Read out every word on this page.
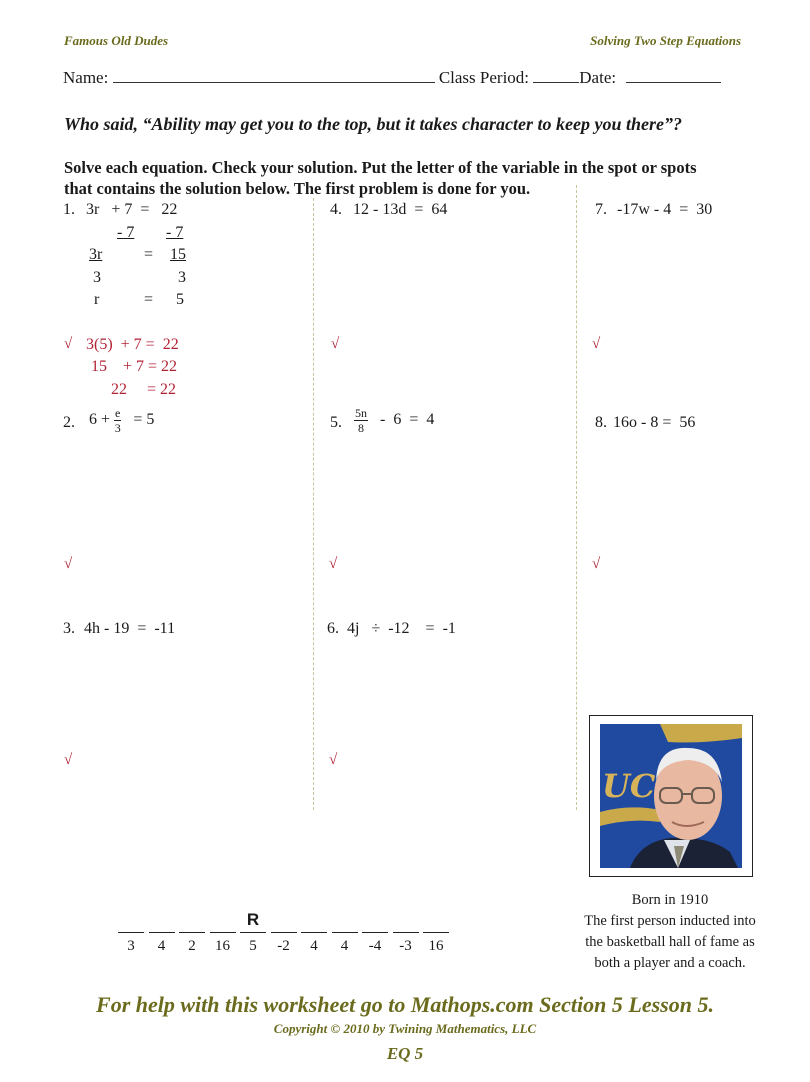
Famous Old Dudes	Solving Two Step Equations
Name:	Class Period:	Date:
Who said, “Ability may get you to the top, but it takes character to keep you there”?
Solve each equation. Check your solution. Put the letter of the variable in the spot or spots
that contains the solution below. The first problem is done for you.
1. 3r   + 7  =   22
- 7 - 7
3r	= 15
3	3
r	= 5
√ 3(5)  + 7 =  22
15    + 7 = 22
22     = 22
4. 12 - 13d  =  64
√
7. -17w - 4  =  30
√
2. $6 + \frac{e}{3} = 5$
√
5. $\frac{5n}{8} - 6 = 4$
√
8. 16o - 8 =  56
√
3. 4h - 19  =  -11
√
6. 4j   ÷  -12    =  -1
√
UC
Born in 1910
The first person inducted into
the basketball hall of fame as
both a player and a coach.
3	4	2	16
R
5	-2	4	4	-4	-3	16
For help with this worksheet go to Mathops.com Section 5 Lesson 5.
Copyright © 2010 by Twining Mathematics, LLC
EQ 5
